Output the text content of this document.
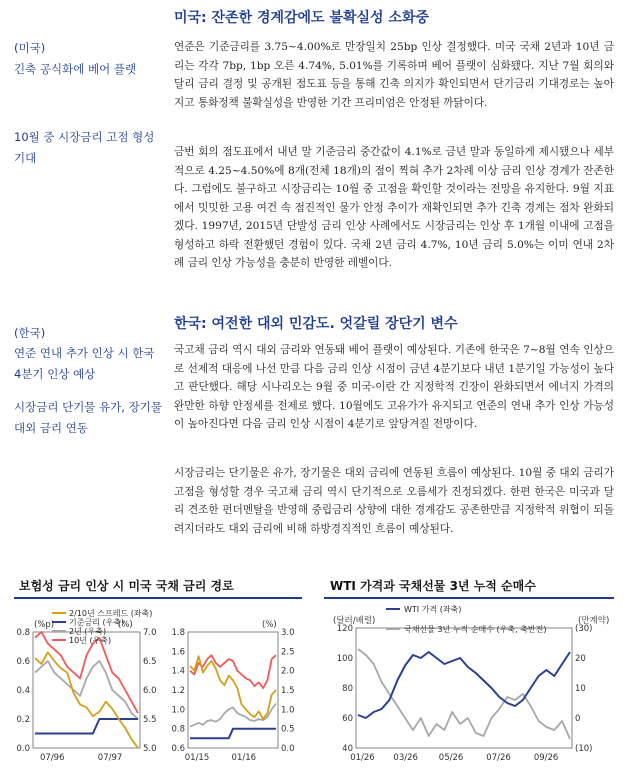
미국: 잔존한 경계감에도 불확실성 소화중
(미국)
긴축 공식화에 베어 플랫
10월 중 시장금리 고점 형성 기대
연준은 기준금리를 3.75~4.00%로 만장일치 25bp 인상 결정했다. 미국 국채 2년과 10년 금리는 각각 7bp, 1bp 오른 4.74%, 5.01%를 기록하며 베어 플랫이 심화됐다. 지난 7월 회의와 달리 금리 결정 및 공개된 점도표 등을 통해 긴축 의지가 확인되면서 단기금리 기대경로는 높아지고 통화정책 불확실성을 반영한 기간 프리미엄은 안정된 까닭이다.
금번 회의 점도표에서 내년 말 기준금리 중간값이 4.1%로 금년 말과 동일하게 제시됐으나 세부적으로 4.25~4.50%에 8개(전체 18개)의 점이 찍혀 추가 2차례 이상 금리 인상 경계가 잔존한다. 그럼에도 불구하고 시장금리는 10월 중 고점을 확인할 것이라는 전망을 유지한다. 9월 지표에서 밋밋한 고용 여건 속 점진적인 물가 안정 추이가 재확인되면 추가 긴축 경계는 점차 완화되겠다. 1997년, 2015년 단발성 금리 인상 사례에서도 시장금리는 인상 후 1개월 이내에 고점을 형성하고 하락 전환했던 경험이 있다. 국채 2년 금리 4.7%, 10년 금리 5.0%는 이미 연내 2차례 금리 인상 가능성을 충분히 반영한 레벨이다.
한국: 여전한 대외 민감도. 엇갈릴 장단기 변수
(한국)
연준 연내 추가 인상 시 한국 4분기 인상 예상
시장금리 단기물 유가, 장기물 대외 금리 연동
국고채 금리 역시 대외 금리와 연동돼 베어 플랫이 예상된다. 기존에 한국은 7~8월 연속 인상으로 선제적 대응에 나선 만큼 다음 금리 인상 시점이 금년 4분기보다 내년 1분기일 가능성이 높다고 판단했다. 해당 시나리오는 9월 중 미국-이란 간 지정학적 긴장이 완화되면서 에너지 가격의 완만한 하향 안정세를 전제로 했다. 10월에도 고유가가 유지되고 연준의 연내 추가 인상 가능성이 높아진다면 다음 금리 인상 시점이 4분기로 앞당겨질 전망이다.
시장금리는 단기물은 유가, 장기물은 대외 금리에 연동된 흐름이 예상된다. 10월 중 대외 금리가 고점을 형성할 경우 국고채 금리 역시 단기적으로 오름세가 진정되겠다. 한편 한국은 미국과 달리 견조한 펀더멘탈을 반영해 중립금리 상향에 대한 경계감도 공존한만큼 지정학적 위협이 되돌려지더라도 대외 금리에 비해 하방경직적인 흐름이 예상된다.
보험성 금리 인상 시 미국 국채 금리 경로	WTI 가격과 국채선물 3년 누적 순매수
0.0
0.2
0.4
0.6
0.8
5.0
5.5
6.0
6.5
7.0
07/96	07/97
(%p)	(%)
0.6
0.8
1.0
1.2
1.4
1.6
1.8
0.0
0.5
1.0
1.5
2.0
2.5
3.0
01/15	01/16
(%)
2/10년 스프레드 (좌축)
기준금리 (우축)
2년 (우축)
10년 (우축)
40
60
80
100
120
(10)
0
10
20
(30)
01/26 03/26 05/26	07/26	09/26
(달러/배럴)	(만계약)
WTI 가격 (좌축)
국채선물 3년 누적 순매수 (우축, 축반전)
